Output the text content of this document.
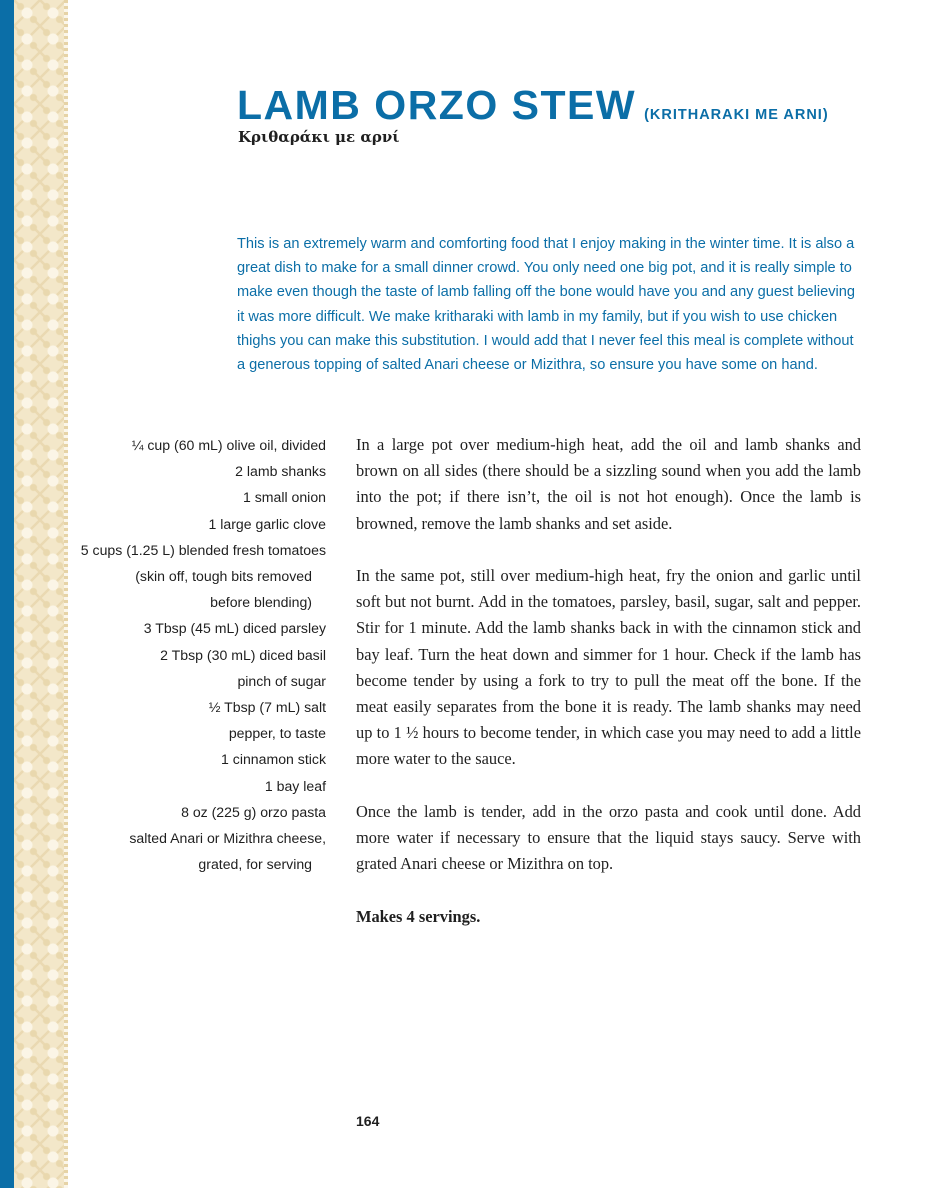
LAMB ORZO STEW (KRITHARAKI ME ARNI)
Κριθαράκι με αρνί

This is an extremely warm and comforting food that I enjoy making in the winter time. It is also a great dish to make for a small dinner crowd. You only need one big pot, and it is really simple to make even though the taste of lamb falling off the bone would have you and any guest believing it was more difficult. We make kritharaki with lamb in my family, but if you wish to use chicken thighs you can make this substitution. I would add that I never feel this meal is complete without a generous topping of salted Anari cheese or Mizithra, so ensure you have some on hand.

¼ cup (60 mL) olive oil, divided
2 lamb shanks
1 small onion
1 large garlic clove
5 cups (1.25 L) blended fresh tomatoes
(skin off, tough bits removed
before blending)
3 Tbsp (45 mL) diced parsley
2 Tbsp (30 mL) diced basil
pinch of sugar
½ Tbsp (7 mL) salt
pepper, to taste
1 cinnamon stick
1 bay leaf
8 oz (225 g) orzo pasta
salted Anari or Mizithra cheese,
grated, for serving

In a large pot over medium-high heat, add the oil and lamb shanks and brown on all sides (there should be a sizzling sound when you add the lamb into the pot; if there isn’t, the oil is not hot enough). Once the lamb is browned, remove the lamb shanks and set aside.

In the same pot, still over medium-high heat, fry the onion and garlic until soft but not burnt. Add in the tomatoes, parsley, basil, sugar, salt and pepper. Stir for 1 minute. Add the lamb shanks back in with the cinnamon stick and bay leaf. Turn the heat down and simmer for 1 hour. Check if the lamb has become tender by using a fork to try to pull the meat off the bone. If the meat easily separates from the bone it is ready. The lamb shanks may need up to 1 ½ hours to become tender, in which case you may need to add a little more water to the sauce.

Once the lamb is tender, add in the orzo pasta and cook until done. Add more water if necessary to ensure that the liquid stays saucy. Serve with grated Anari cheese or Mizithra on top.

Makes 4 servings.

164
